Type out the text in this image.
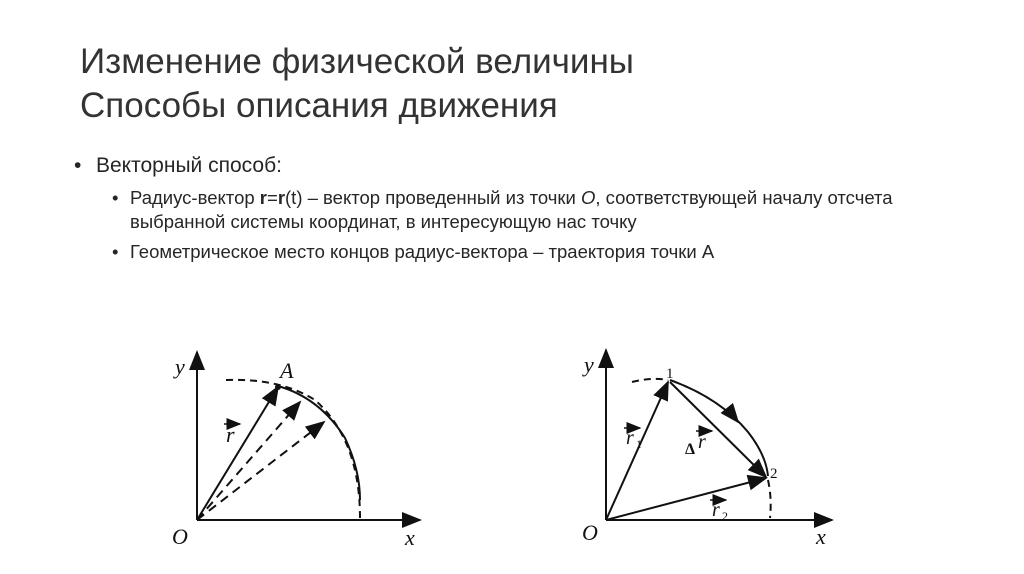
Изменение физической величины
Способы описания движения
• Векторный способ:
• Радиус-вектор r=r(t) – вектор проведенный из точки O, соответствующей началу отсчета выбранной системы координат, в интересующую нас точку
• Геометрическое место концов радиус-вектора – траектория точки А
y
x
O
A
r
y
x
O
1
2
r 1
r 2
Δ r
